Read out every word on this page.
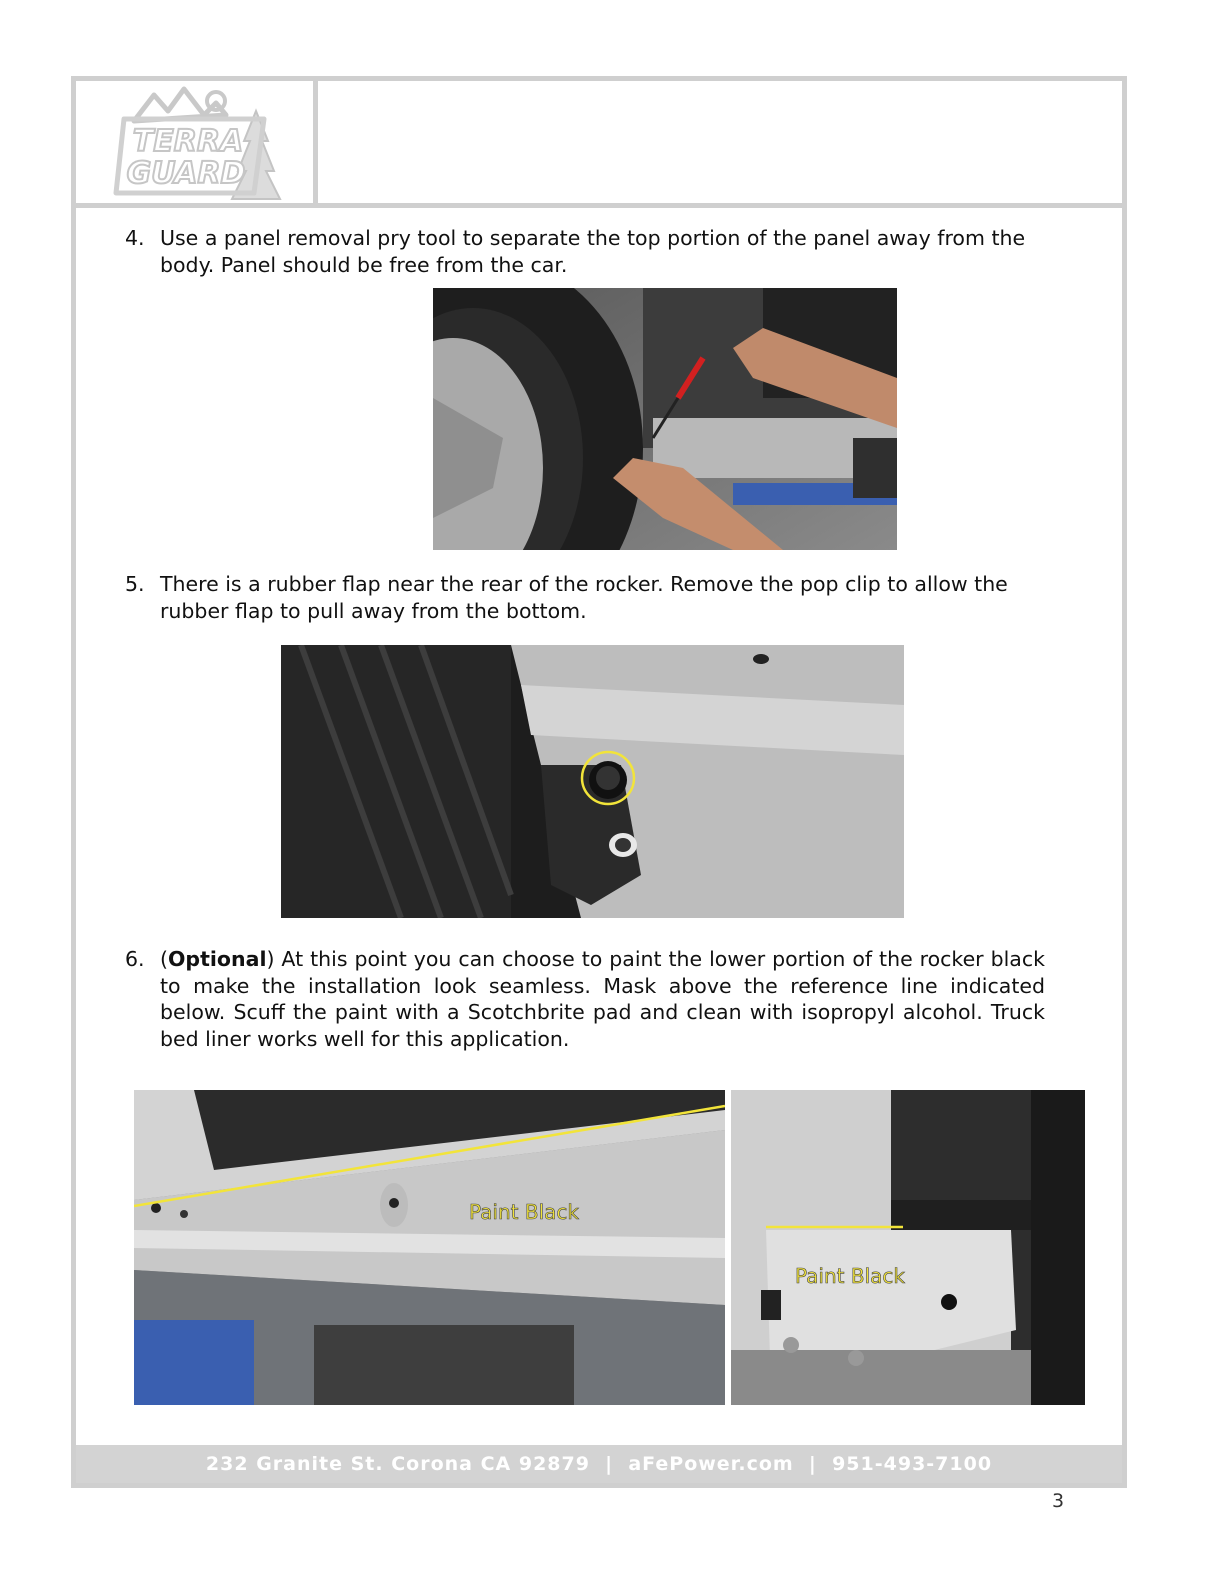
TERRA
GUARD
232 Granite St. Corona CA 92879  |  aFePower.com  |  951-493-7100
4. Use a panel removal pry tool to separate the top portion of the panel away from the body. Panel should be free from the car.
5. There is a rubber flap near the rear of the rocker. Remove the pop clip to allow the rubber flap to pull away from the bottom.
6. (Optional) At this point you can choose to paint the lower portion of the rocker black to make the installation look seamless. Mask above the reference line indicated below. Scuff the paint with a Scotchbrite pad and clean with isopropyl alcohol. Truck bed liner works well for this application.
Paint Black
Paint Black
3
